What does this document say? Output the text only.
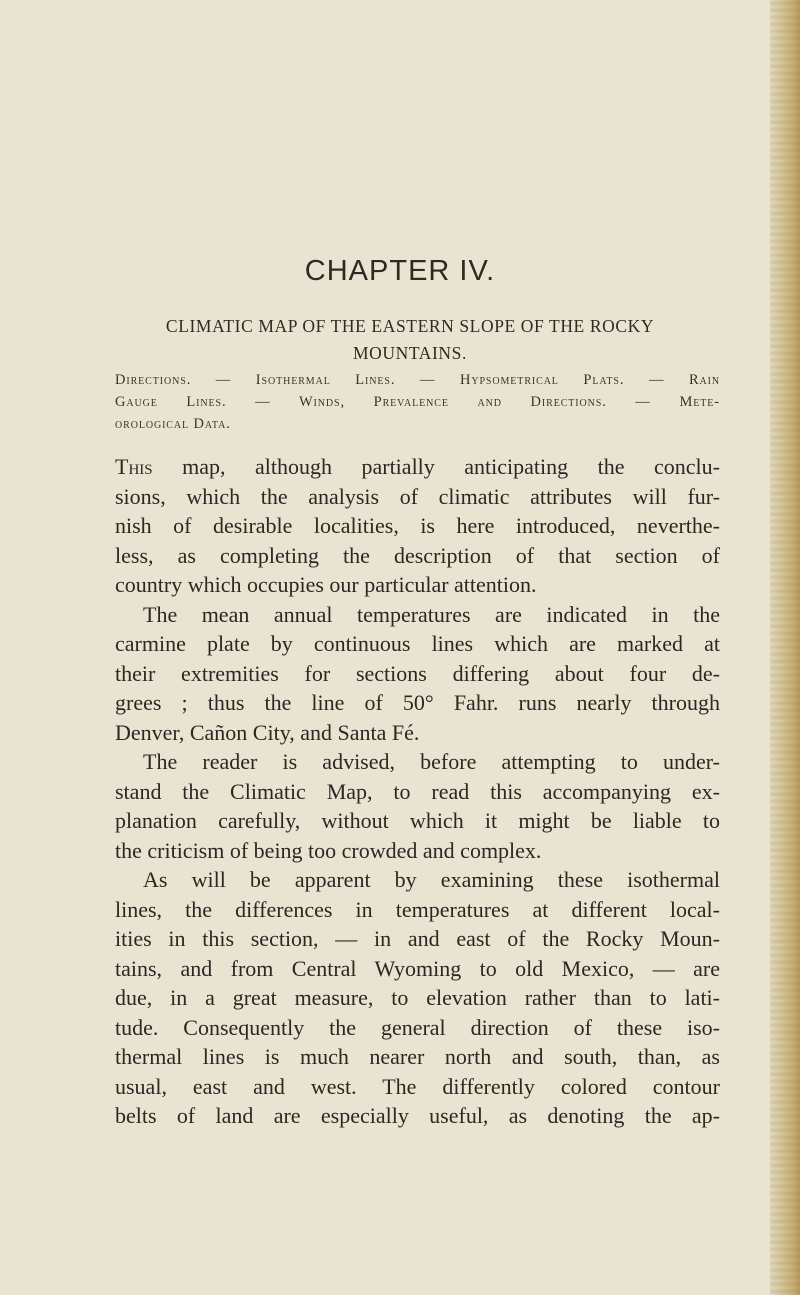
CHAPTER IV.
CLIMATIC MAP OF THE EASTERN SLOPE OF THE ROCKY
MOUNTAINS.
Directions. — Isothermal Lines. — Hypsometrical Plats. — Rain
Gauge Lines. — Winds, Prevalence and Directions. — Mete-
orological Data.
This map, although partially anticipating the conclu-
sions, which the analysis of climatic attributes will fur-
nish of desirable localities, is here introduced, neverthe-
less, as completing the description of that section of
country which occupies our particular attention.
The mean annual temperatures are indicated in the
carmine plate by continuous lines which are marked at
their extremities for sections differing about four de-
grees ; thus the line of 50° Fahr. runs nearly through
Denver, Cañon City, and Santa Fé.
The reader is advised, before attempting to under-
stand the Climatic Map, to read this accompanying ex-
planation carefully, without which it might be liable to
the criticism of being too crowded and complex.
As will be apparent by examining these isothermal
lines, the differences in temperatures at different local-
ities in this section, — in and east of the Rocky Moun-
tains, and from Central Wyoming to old Mexico, — are
due, in a great measure, to elevation rather than to lati-
tude. Consequently the general direction of these iso-
thermal lines is much nearer north and south, than, as
usual, east and west. The differently colored contour
belts of land are especially useful, as denoting the ap-
